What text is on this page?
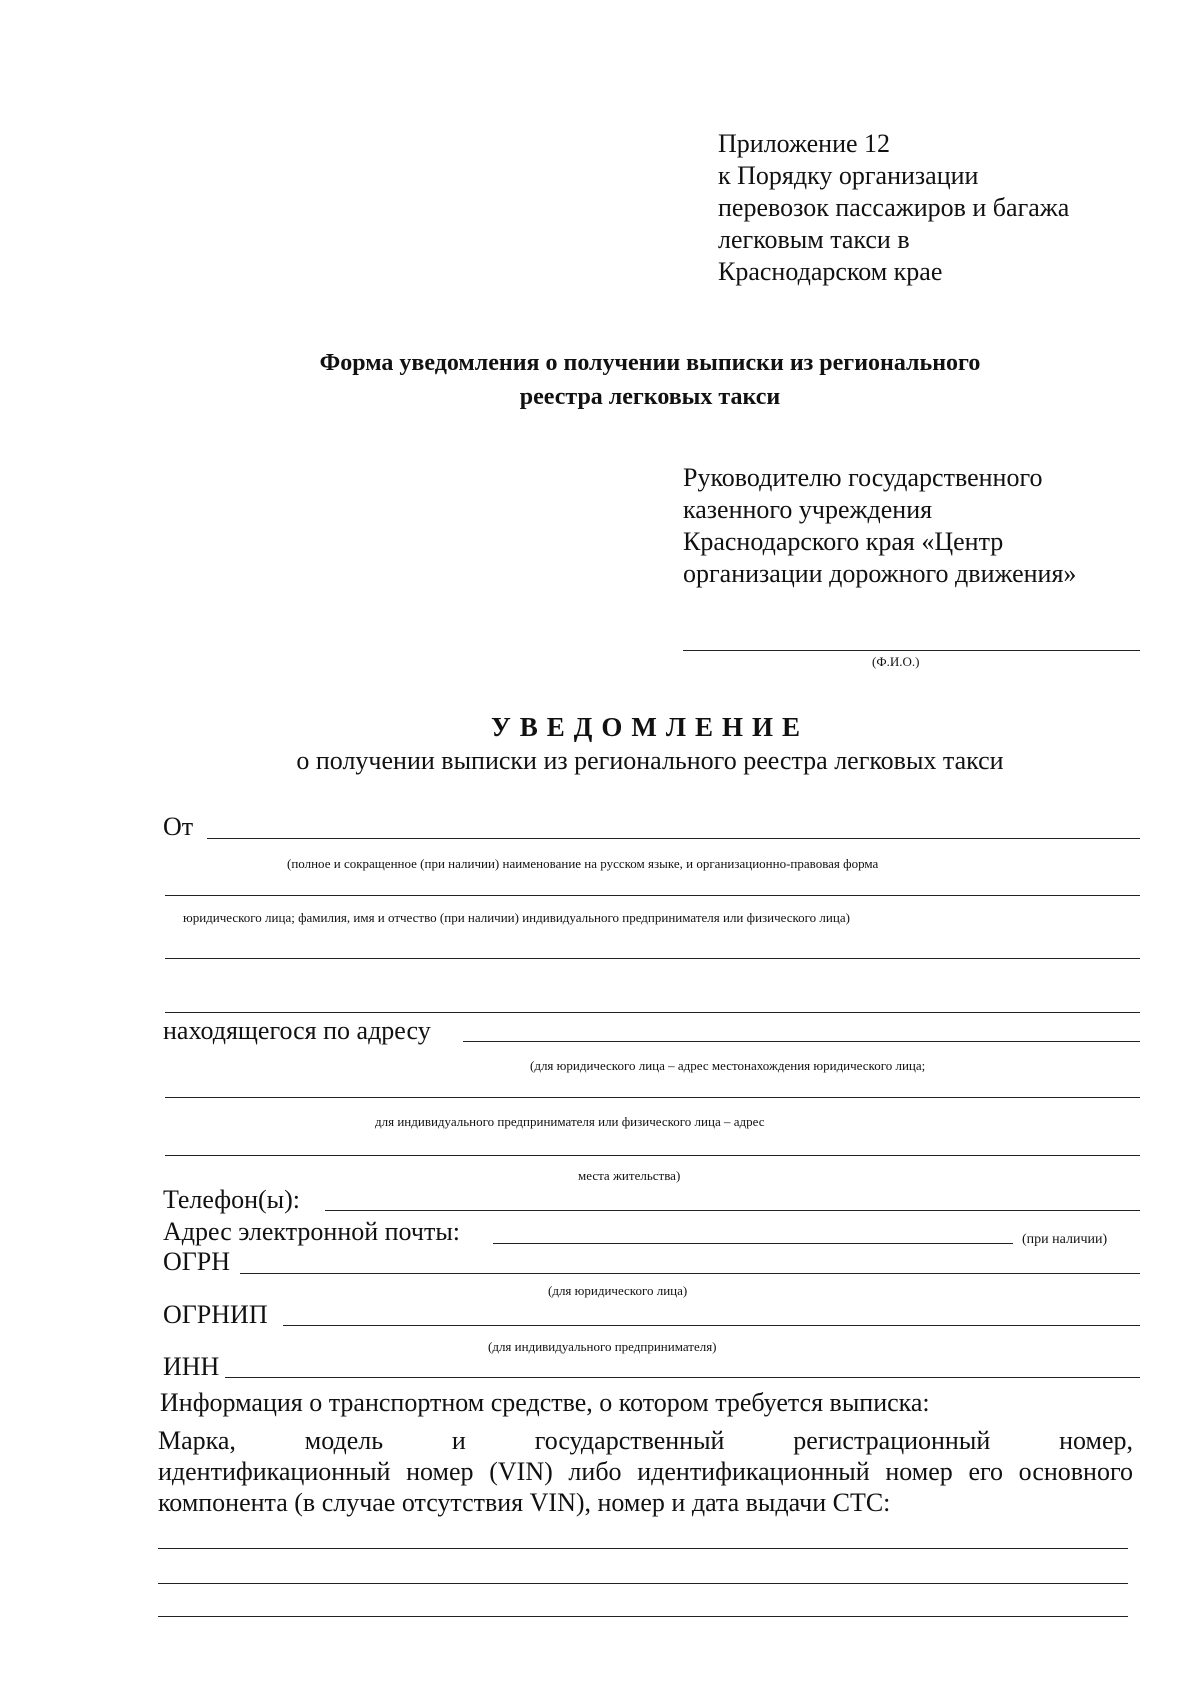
Приложение 12
к Порядку организации
перевозок пассажиров и багажа
легковым такси в
Краснодарском крае
Форма уведомления о получении выписки из регионального
реестра легковых такси
Руководителю государственного
казенного учреждения
Краснодарского края «Центр
организации дорожного движения»
(Ф.И.О.)
УВЕДОМЛЕНИЕ
о получении выписки из регионального реестра легковых такси
От
(полное и сокращенное (при наличии) наименование на русском языке, и организационно-правовая форма
юридического лица; фамилия, имя и отчество (при наличии) индивидуального предпринимателя или физического лица)
находящегося по адресу
(для юридического лица – адрес местонахождения юридического лица;
для индивидуального предпринимателя или физического лица – адрес
места жительства)
Телефон(ы):
Адрес электронной почты:	(при наличии)
ОГРН
(для юридического лица)
ОГРНИП
(для индивидуального предпринимателя)
ИНН
Информация о транспортном средстве, о котором требуется выписка:
Марка, модель и государственный регистрационный номер,
идентификационный номер (VIN) либо идентификационный номер его основного компонента (в случае отсутствия VIN), номер и дата выдачи СТС:
